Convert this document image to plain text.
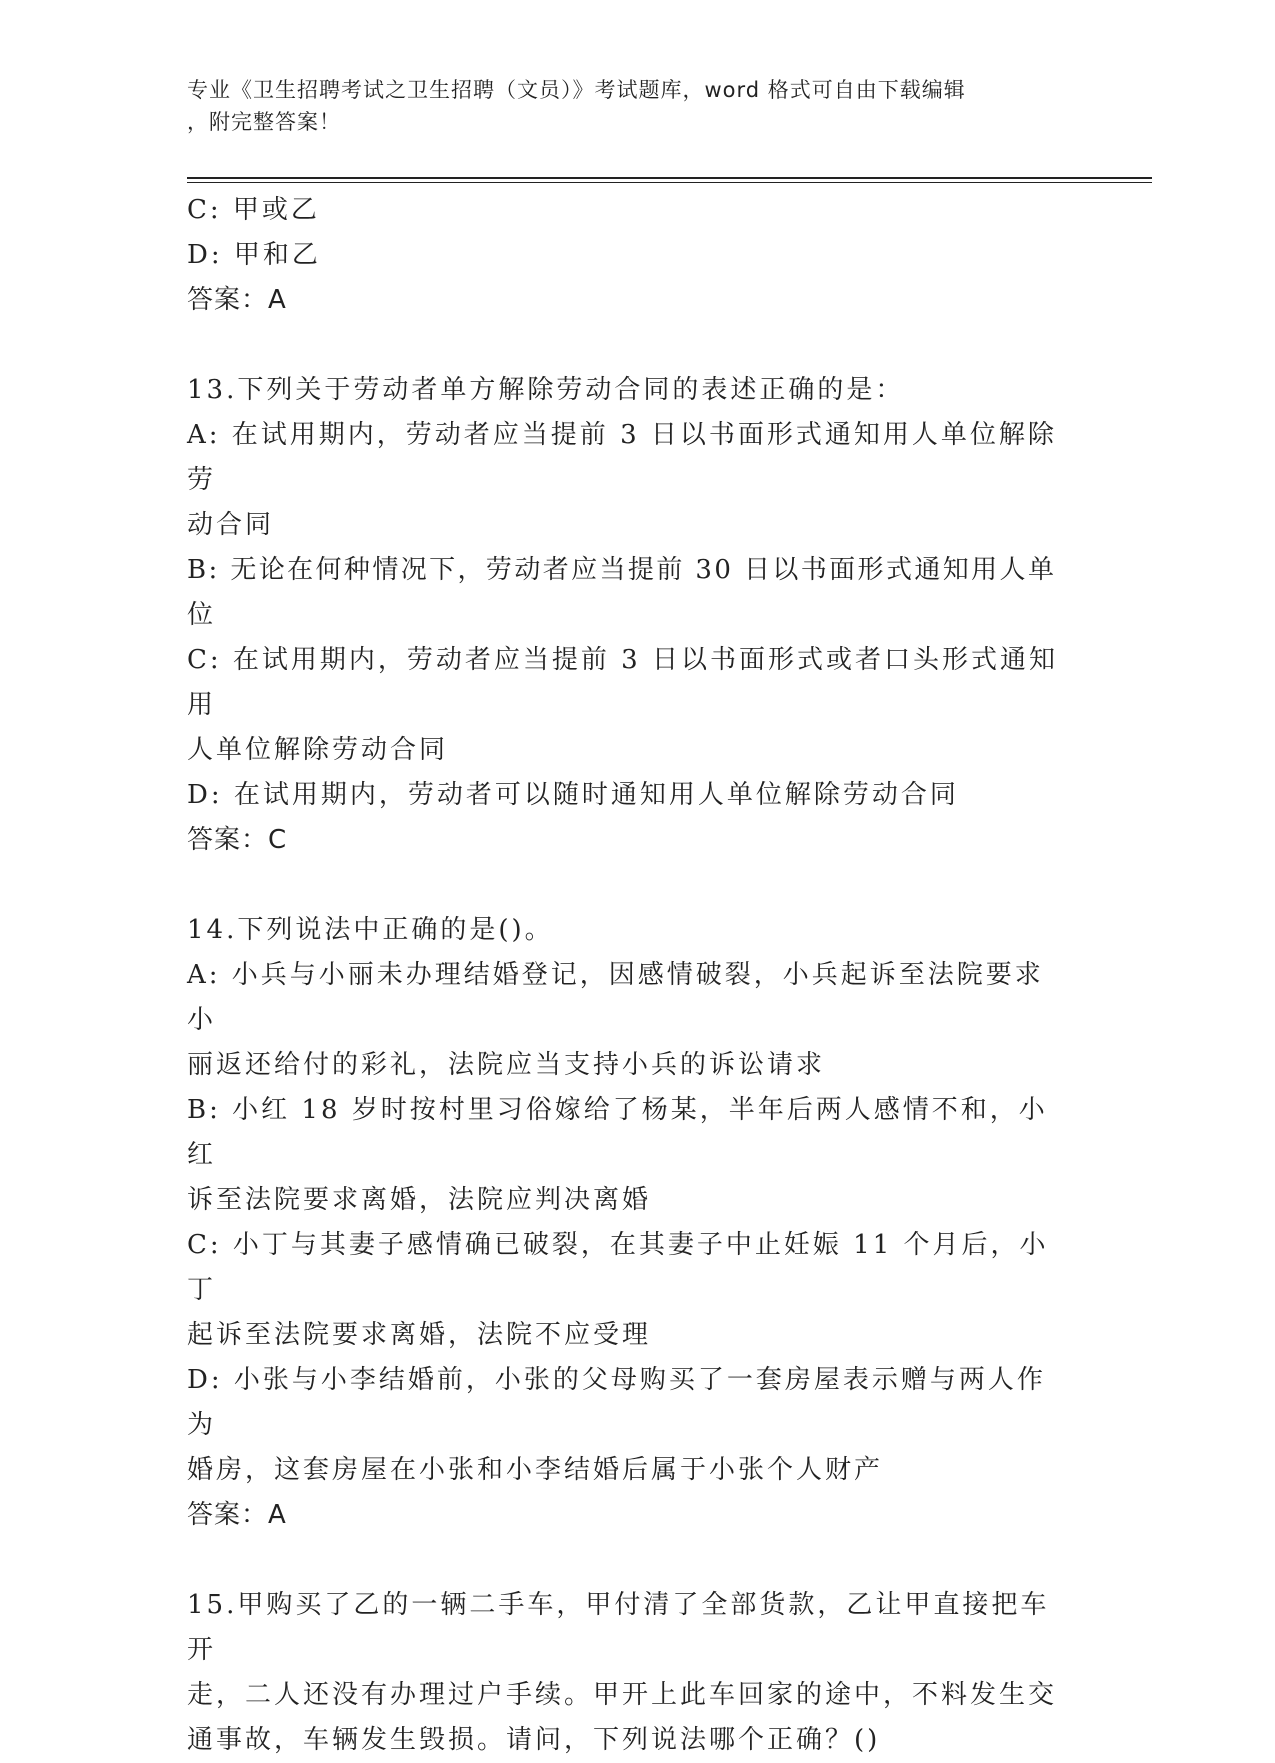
专业《卫生招聘考试之卫生招聘（文员）》考试题库，word 格式可自由下载编辑
，附完整答案！
C: 甲或乙
D: 甲和乙
答案：A
13.下列关于劳动者单方解除劳动合同的表述正确的是：
A: 在试用期内，劳动者应当提前 3 日以书面形式通知用人单位解除劳
动合同
B: 无论在何种情况下，劳动者应当提前 30 日以书面形式通知用人单
位
C: 在试用期内，劳动者应当提前 3 日以书面形式或者口头形式通知用
人单位解除劳动合同
D: 在试用期内，劳动者可以随时通知用人单位解除劳动合同
答案：C
14.下列说法中正确的是()。
A: 小兵与小丽未办理结婚登记，因感情破裂，小兵起诉至法院要求小
丽返还给付的彩礼，法院应当支持小兵的诉讼请求
B: 小红 18 岁时按村里习俗嫁给了杨某，半年后两人感情不和，小红
诉至法院要求离婚，法院应判决离婚
C: 小丁与其妻子感情确已破裂，在其妻子中止妊娠 11 个月后，小丁
起诉至法院要求离婚，法院不应受理
D: 小张与小李结婚前，小张的父母购买了一套房屋表示赠与两人作为
婚房，这套房屋在小张和小李结婚后属于小张个人财产
答案：A
15.甲购买了乙的一辆二手车，甲付清了全部货款，乙让甲直接把车开
走，二人还没有办理过户手续。甲开上此车回家的途中，不料发生交
通事故，车辆发生毁损。请问，下列说法哪个正确？()
